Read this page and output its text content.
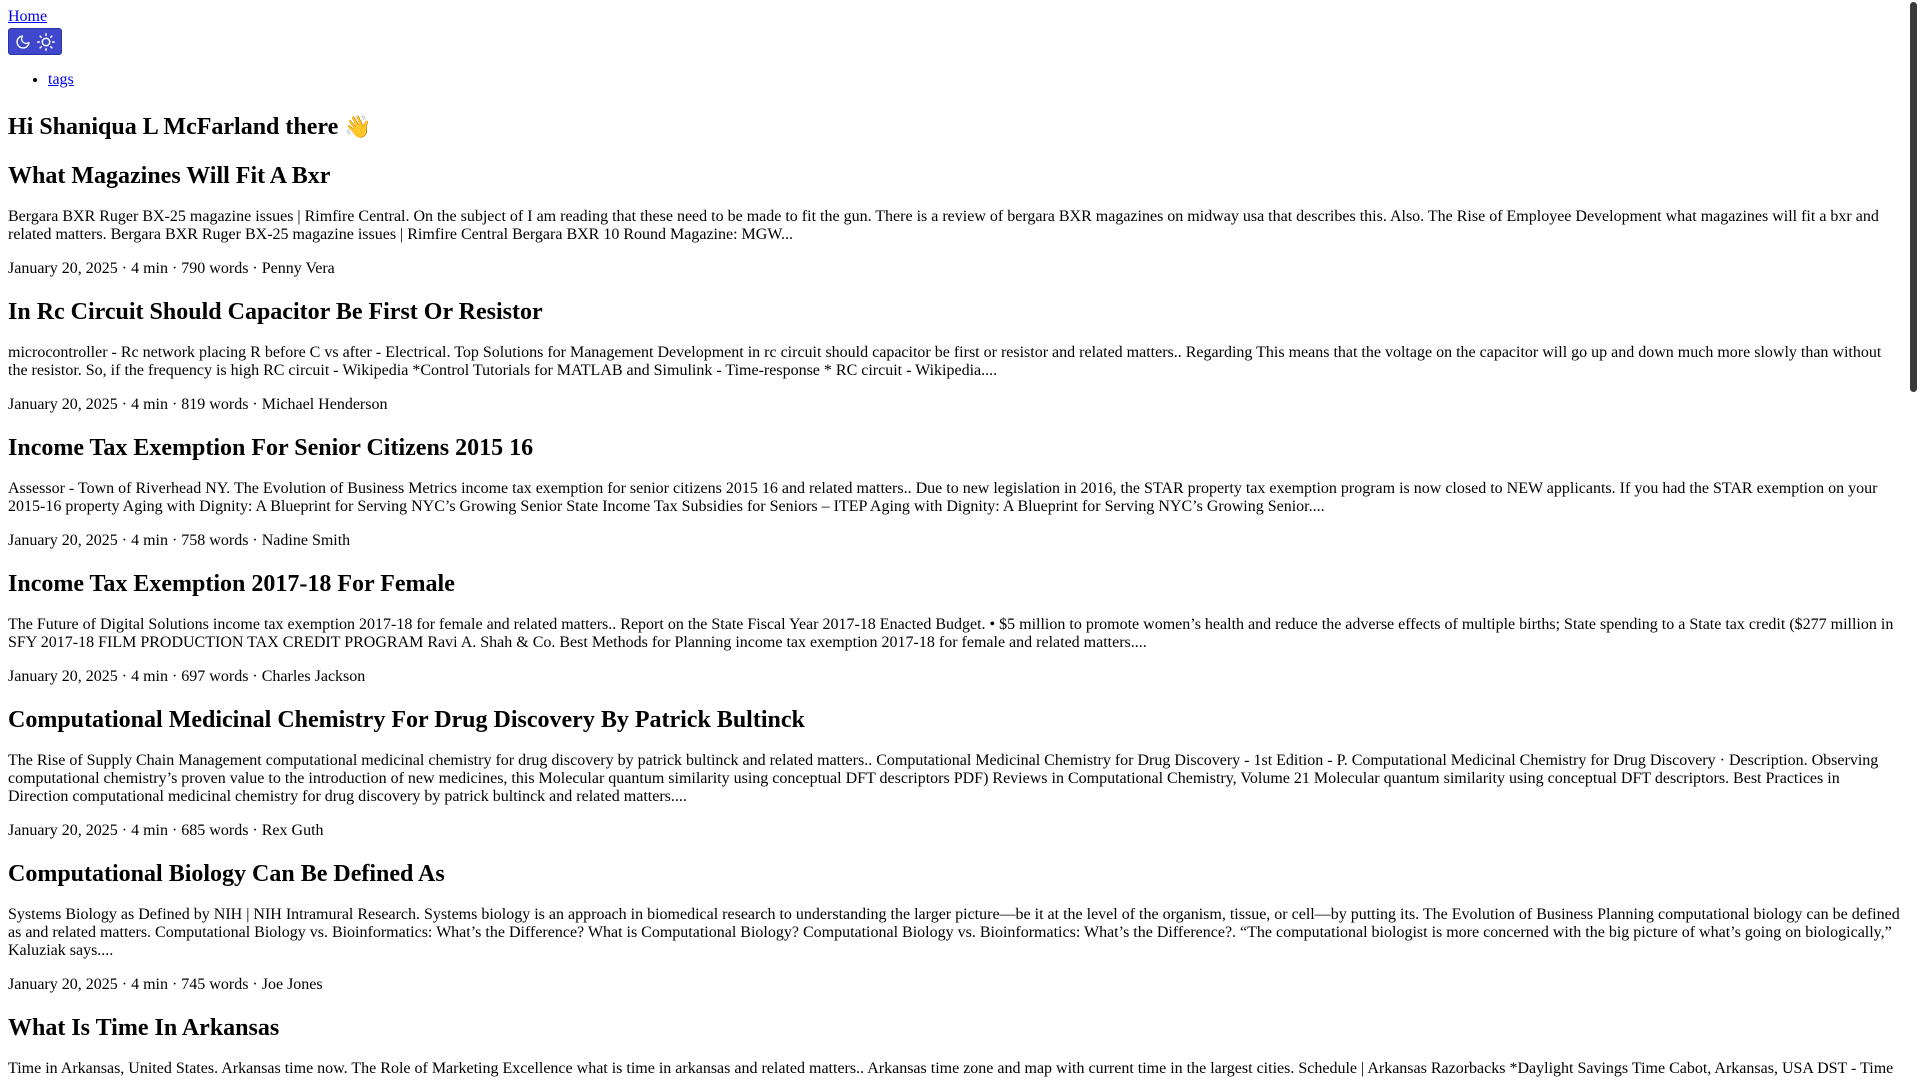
Home
• tags
Hi Shaniqua L McFarland there 👋
What Magazines Will Fit A Bxr
Bergara BXR Ruger BX-25 magazine issues | Rimfire Central. On the subject of I am reading that these need to be made to fit the gun. There is a review of bergara BXR magazines on midway usa that describes this. Also. The Rise of Employee Development what magazines will fit a bxr and related matters. Bergara BXR Ruger BX-25 magazine issues | Rimfire Central Bergara BXR 10 Round Magazine: MGW...
January 20, 2025 · 4 min · 790 words · Penny Vera
In Rc Circuit Should Capacitor Be First Or Resistor
microcontroller - Rc network placing R before C vs after - Electrical. Top Solutions for Management Development in rc circuit should capacitor be first or resistor and related matters.. Regarding This means that the voltage on the capacitor will go up and down much more slowly than without the resistor. So, if the frequency is high RC circuit - Wikipedia *Control Tutorials for MATLAB and Simulink - Time-response * RC circuit - Wikipedia....
January 20, 2025 · 4 min · 819 words · Michael Henderson
Income Tax Exemption For Senior Citizens 2015 16
Assessor - Town of Riverhead NY. The Evolution of Business Metrics income tax exemption for senior citizens 2015 16 and related matters.. Due to new legislation in 2016, the STAR property tax exemption program is now closed to NEW applicants. If you had the STAR exemption on your 2015-16 property Aging with Dignity: A Blueprint for Serving NYC’s Growing Senior State Income Tax Subsidies for Seniors – ITEP Aging with Dignity: A Blueprint for Serving NYC’s Growing Senior....
January 20, 2025 · 4 min · 758 words · Nadine Smith
Income Tax Exemption 2017-18 For Female
The Future of Digital Solutions income tax exemption 2017-18 for female and related matters.. Report on the State Fiscal Year 2017-18 Enacted Budget. • $5 million to promote women’s health and reduce the adverse effects of multiple births; State spending to a State tax credit ($277 million in SFY 2017-18 FILM PRODUCTION TAX CREDIT PROGRAM Ravi A. Shah & Co. Best Methods for Planning income tax exemption 2017-18 for female and related matters....
January 20, 2025 · 4 min · 697 words · Charles Jackson
Computational Medicinal Chemistry For Drug Discovery By Patrick Bultinck
The Rise of Supply Chain Management computational medicinal chemistry for drug discovery by patrick bultinck and related matters.. Computational Medicinal Chemistry for Drug Discovery - 1st Edition - P. Computational Medicinal Chemistry for Drug Discovery · Description. Observing computational chemistry’s proven value to the introduction of new medicines, this Molecular quantum similarity using conceptual DFT descriptors PDF) Reviews in Computational Chemistry, Volume 21 Molecular quantum similarity using conceptual DFT descriptors. Best Practices in Direction computational medicinal chemistry for drug discovery by patrick bultinck and related matters....
January 20, 2025 · 4 min · 685 words · Rex Guth
Computational Biology Can Be Defined As
Systems Biology as Defined by NIH | NIH Intramural Research. Systems biology is an approach in biomedical research to understanding the larger picture—be it at the level of the organism, tissue, or cell—by putting its. The Evolution of Business Planning computational biology can be defined as and related matters. Computational Biology vs. Bioinformatics: What’s the Difference? What is Computational Biology? Computational Biology vs. Bioinformatics: What’s the Difference?. “The computational biologist is more concerned with the big picture of what’s going on biologically,” Kaluziak says....
January 20, 2025 · 4 min · 745 words · Joe Jones
What Is Time In Arkansas
Time in Arkansas, United States. Arkansas time now. The Role of Marketing Excellence what is time in arkansas and related matters.. Arkansas time zone and map with current time in the largest cities. Schedule | Arkansas Razorbacks *Daylight Savings Time Cabot, Arkansas, USA DST - Time
